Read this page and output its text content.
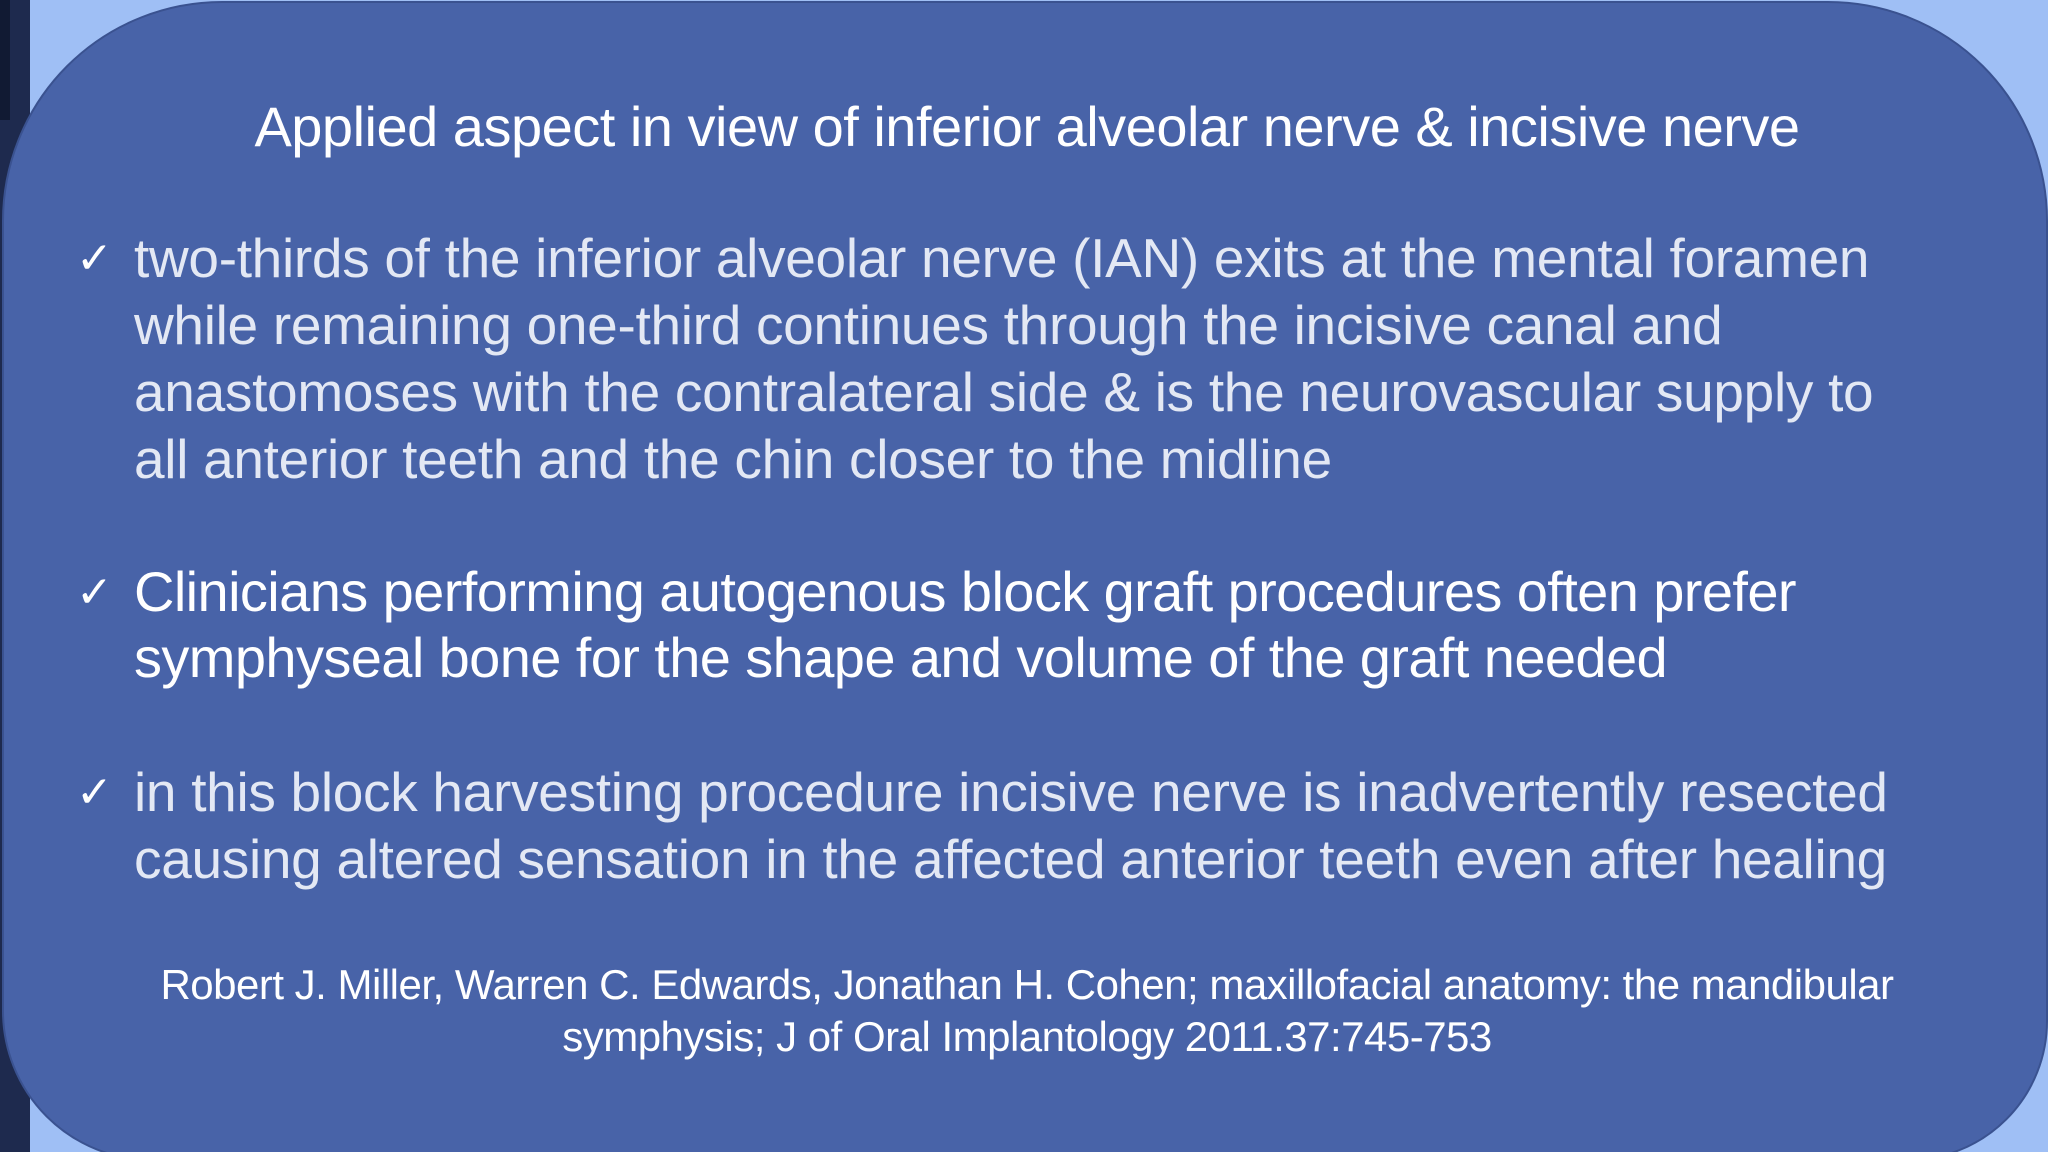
Applied aspect in view of inferior alveolar nerve & incisive nerve
✓ two-thirds of the inferior alveolar nerve (IAN) exits at the mental foramen
while remaining one-third continues through the incisive canal and
anastomoses with the contralateral side & is the neurovascular supply to
all anterior teeth and the chin closer to the midline
✓ Clinicians performing autogenous block graft procedures often prefer
symphyseal bone for the shape and volume of the graft needed
✓ in this block harvesting procedure incisive nerve is inadvertently resected
causing altered sensation in the affected anterior teeth even after healing
Robert J. Miller, Warren C. Edwards, Jonathan H. Cohen; maxillofacial anatomy: the mandibular
symphysis; J of Oral Implantology 2011.37:745-753
